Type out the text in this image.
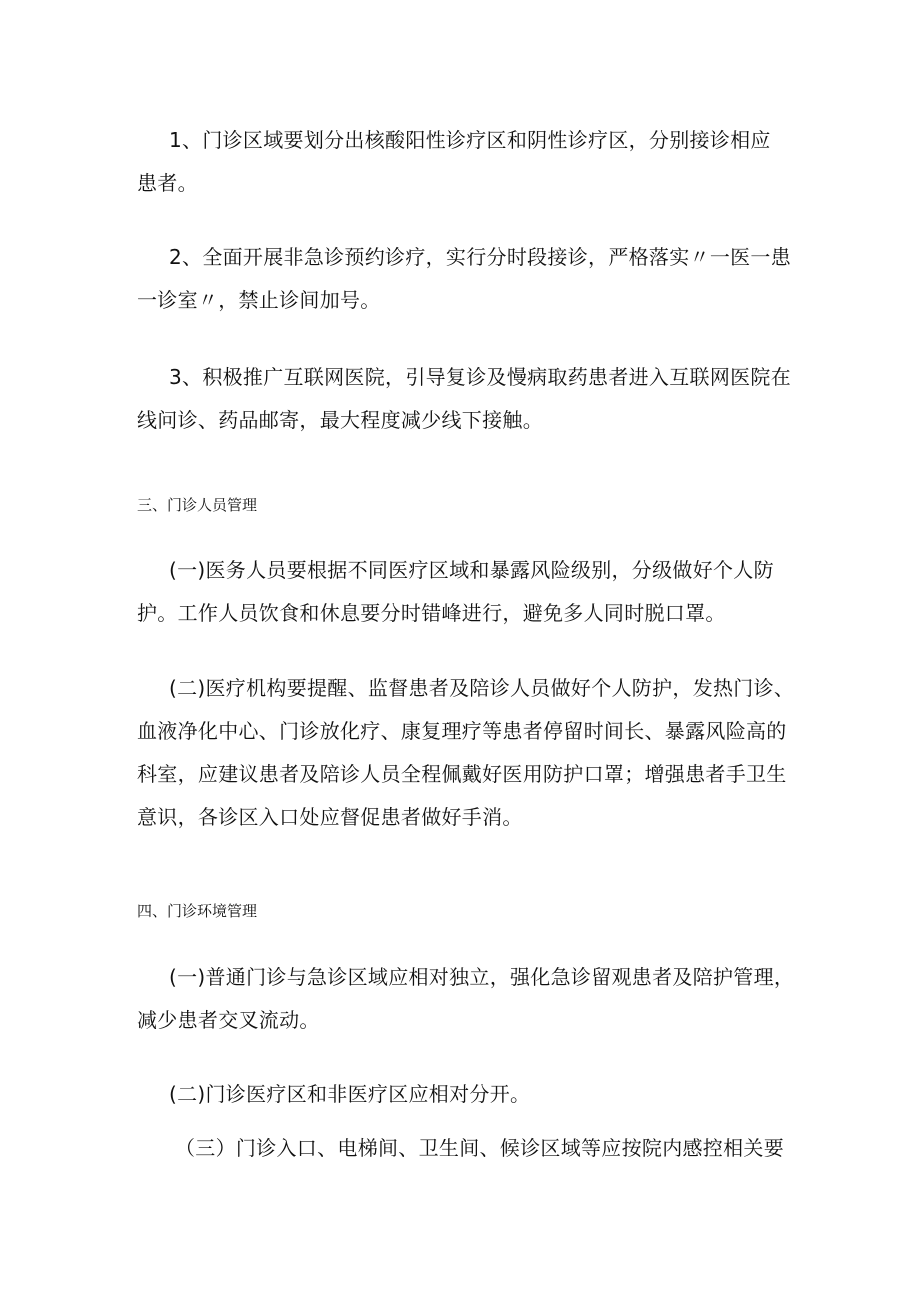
1、门诊区域要划分出核酸阳性诊疗区和阴性诊疗区，分别接诊相应
患者。
2、全面开展非急诊预约诊疗，实行分时段接诊，严格落实〃一医一患
一诊室〃，禁止诊间加号。
3、积极推广互联网医院，引导复诊及慢病取药患者进入互联网医院在
线问诊、药品邮寄，最大程度减少线下接触。
三、门诊人员管理
(一)医务人员要根据不同医疗区域和暴露风险级别，分级做好个人防
护。工作人员饮食和休息要分时错峰进行，避免多人同时脱口罩。
(二)医疗机构要提醒、监督患者及陪诊人员做好个人防护，发热门诊、
血液净化中心、门诊放化疗、康复理疗等患者停留时间长、暴露风险高的
科室，应建议患者及陪诊人员全程佩戴好医用防护口罩；增强患者手卫生
意识，各诊区入口处应督促患者做好手消。
四、门诊环境管理
(一)普通门诊与急诊区域应相对独立，强化急诊留观患者及陪护管理，
减少患者交叉流动。
(二)门诊医疗区和非医疗区应相对分开。
（三）门诊入口、电梯间、卫生间、候诊区域等应按院内感控相关要
